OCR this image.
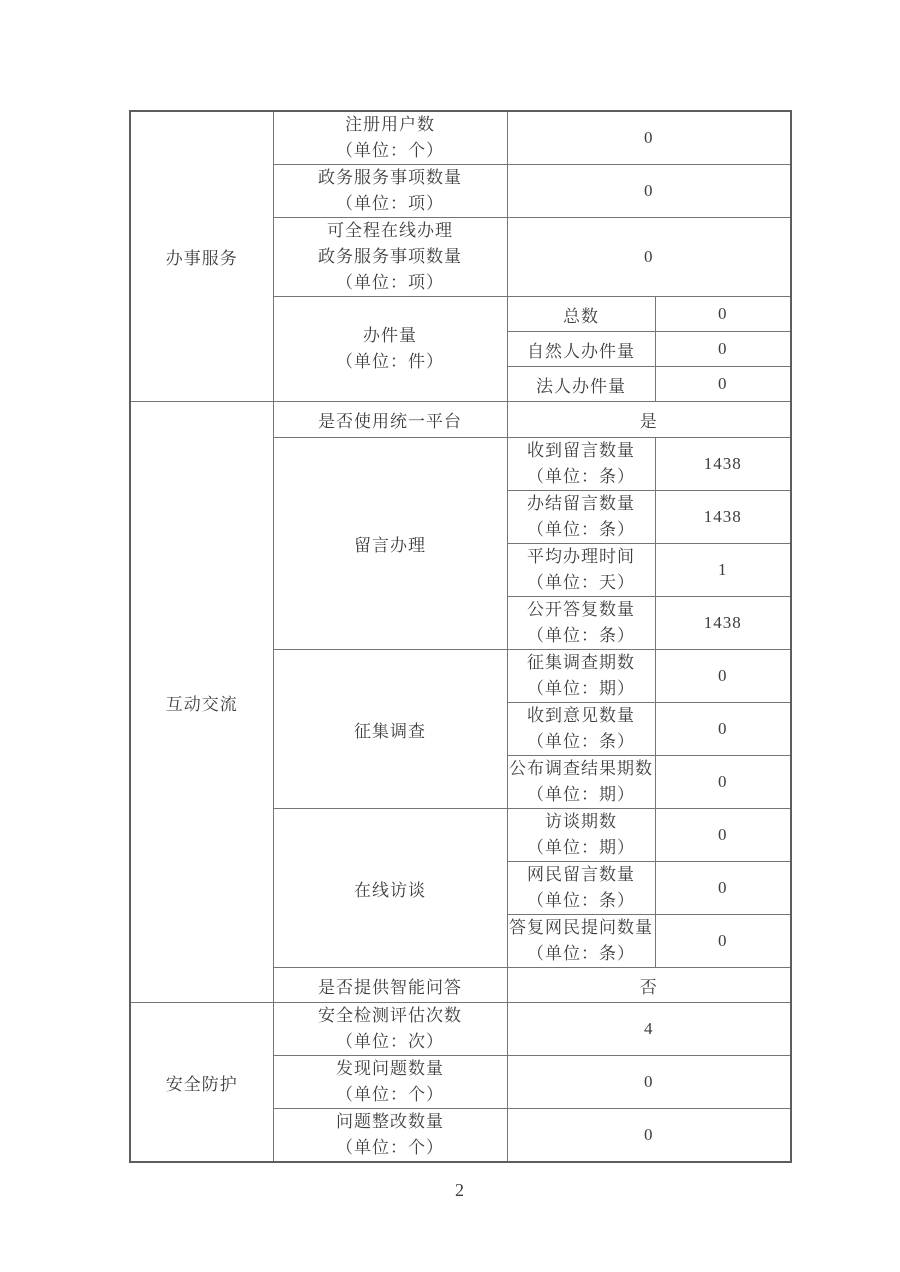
办事服务	注册用户数
（单位：个）	0	

	政务服务事项数量
（单位：项）	0	

	可全程在线办理
政务服务事项数量
（单位：项）	0	

	办件量
（单位：件）	总数	0
		自然人办件量	0
		法人办件量	0

互动交流	是否使用统一平台	是	

	留言办理	收到留言数量
（单位：条）	1438

		办结留言数量
（单位：条）	1438

		平均办理时间
（单位：天）	1

		公开答复数量
（单位：条）	1438

	征集调查	征集调查期数
（单位：期）	0

		收到意见数量
（单位：条）	0

		公布调查结果期数
（单位：期）	0

	在线访谈	访谈期数
（单位：期）	0

		网民留言数量
（单位：条）	0

		答复网民提问数量
（单位：条）	0
	是否提供智能问答	否	

安全防护	安全检测评估次数
（单位：次）	4	

	发现问题数量
（单位：个）	0	

	问题整改数量
（单位：个）	0	
2
